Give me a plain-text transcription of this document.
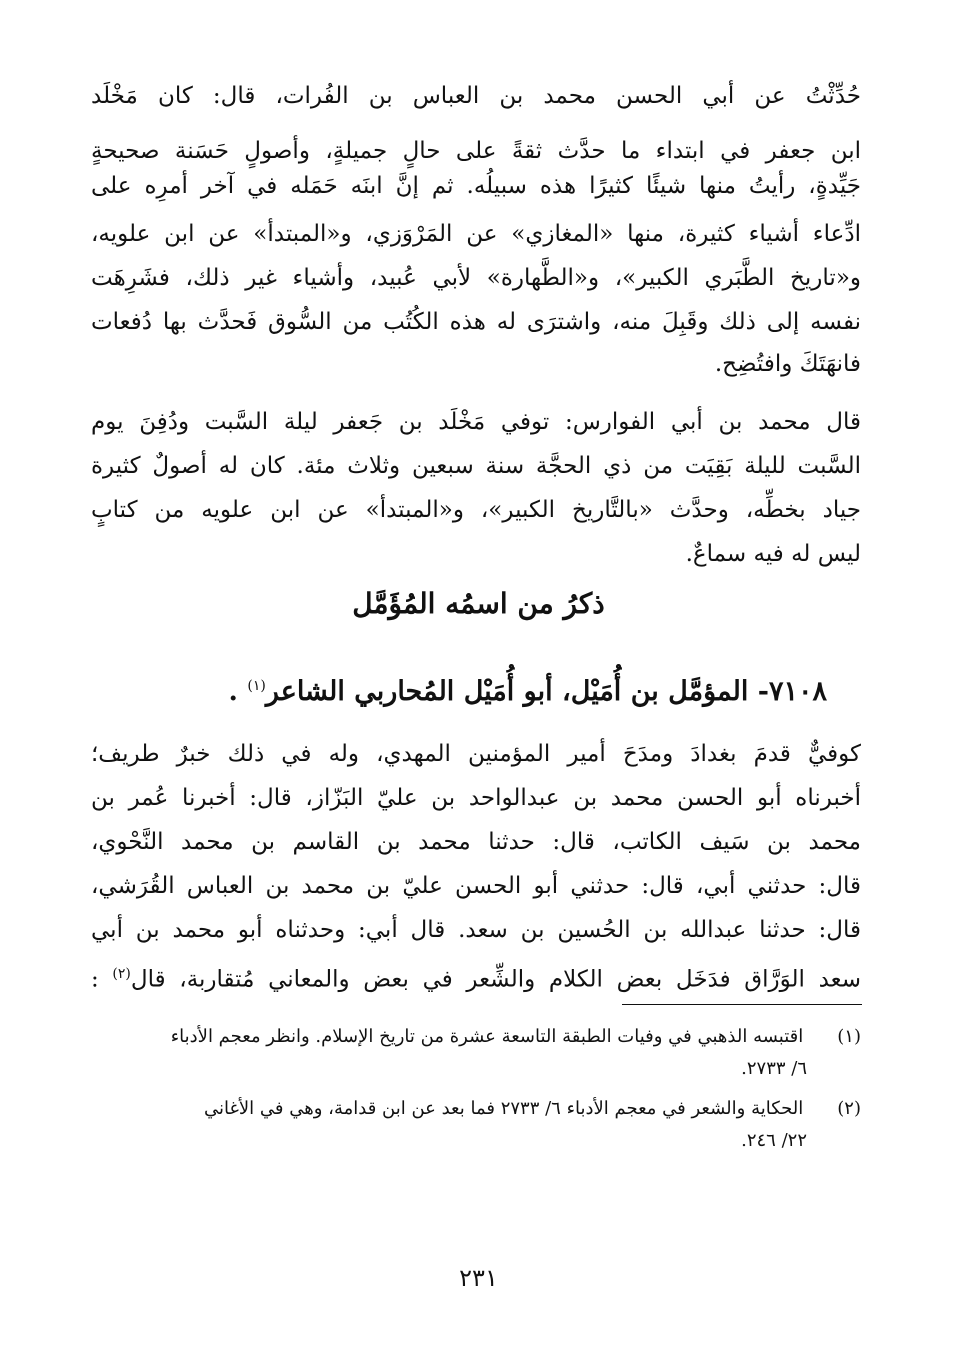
حُدِّثْتُ عن أبي الحسن محمد بن العباس بن الفُرات، قال: كان مَخْلَد
ابن جعفر في ابتداء ما حدَّث ثقةً على حالٍ جميلةٍ، وأصولٍ حَسَنة صحيحةٍ
جَيِّدةٍ، رأيتُ منها شيئًا كثيرًا هذه سبيلُه. ثم إنَّ ابنَه حَمَله في آخر أمرِه على
ادِّعاء أشياء كثيرة، منها «المغازي» عن المَرْوَزي، و«المبتدأ» عن ابن علويه،
و«تاريخ الطَّبَري الكبير»، و«الطَّهارة» لأبي عُبيد، وأشياء غير ذلك، فشَرِهَت
نفسه إلى ذلك وقَبِلَ منه، واشترَى له هذه الكُتُب من السُّوق فَحدَّث بها دُفعات
فانهَتَكَ وافتُضِح.
قال محمد بن أبي الفوارس: توفي مَخْلَد بن جَعفر ليلة السَّبت ودُفِنَ يوم
السَّبت لليلة بَقِيَت من ذي الحجَّة سنة سبعين وثلاث مئة. كان له أصولٌ كثيرة
جياد بخطِّه، وحدَّث «بالتَّاريخ الكبير»، و«المبتدأ» عن ابن علويه من كتابٍ
ليس له فيه سماعٌ.
ذكرُ من اسمُه المُؤَمَّل
٧١٠٨- المؤمَّل بن أُمَيْل، أبو أُمَيْل المُحاربي الشاعر$^{(١)}$ .
كوفيٌّ قدمَ بغدادَ ومدَحَ أمير المؤمنين المهدي، وله في ذلك خبرٌ طريف؛
أخبرناه أبو الحسن محمد بن عبدالواحد بن عليّ البَزّاز، قال: أخبرنا عُمر بن
محمد بن سَيف الكاتب، قال: حدثنا محمد بن القاسم بن محمد النَّحْوي،
قال: حدثني أبي، قال: حدثني أبو الحسن عليّ بن محمد بن العباس القُرَشي،
قال: حدثنا عبدالله بن الحُسين بن سعد. قال أبي: وحدثناه أبو محمد بن أبي
سعد الوَرَّاق فدَخَل بعض الكلام والشِّعر في بعض والمعاني مُتقاربة، قال$^{(٢)}$ :
(١) اقتبسه الذهبي في وفيات الطبقة التاسعة عشرة من تاريخ الإسلام. وانظر معجم الأدباء
٦/ ٢٧٣٣.
(٢) الحكاية والشعر في معجم الأدباء ٦/ ٢٧٣٣ فما بعد عن ابن قدامة، وهي في الأغاني
٢٢/ ٢٤٦.
٢٣١
